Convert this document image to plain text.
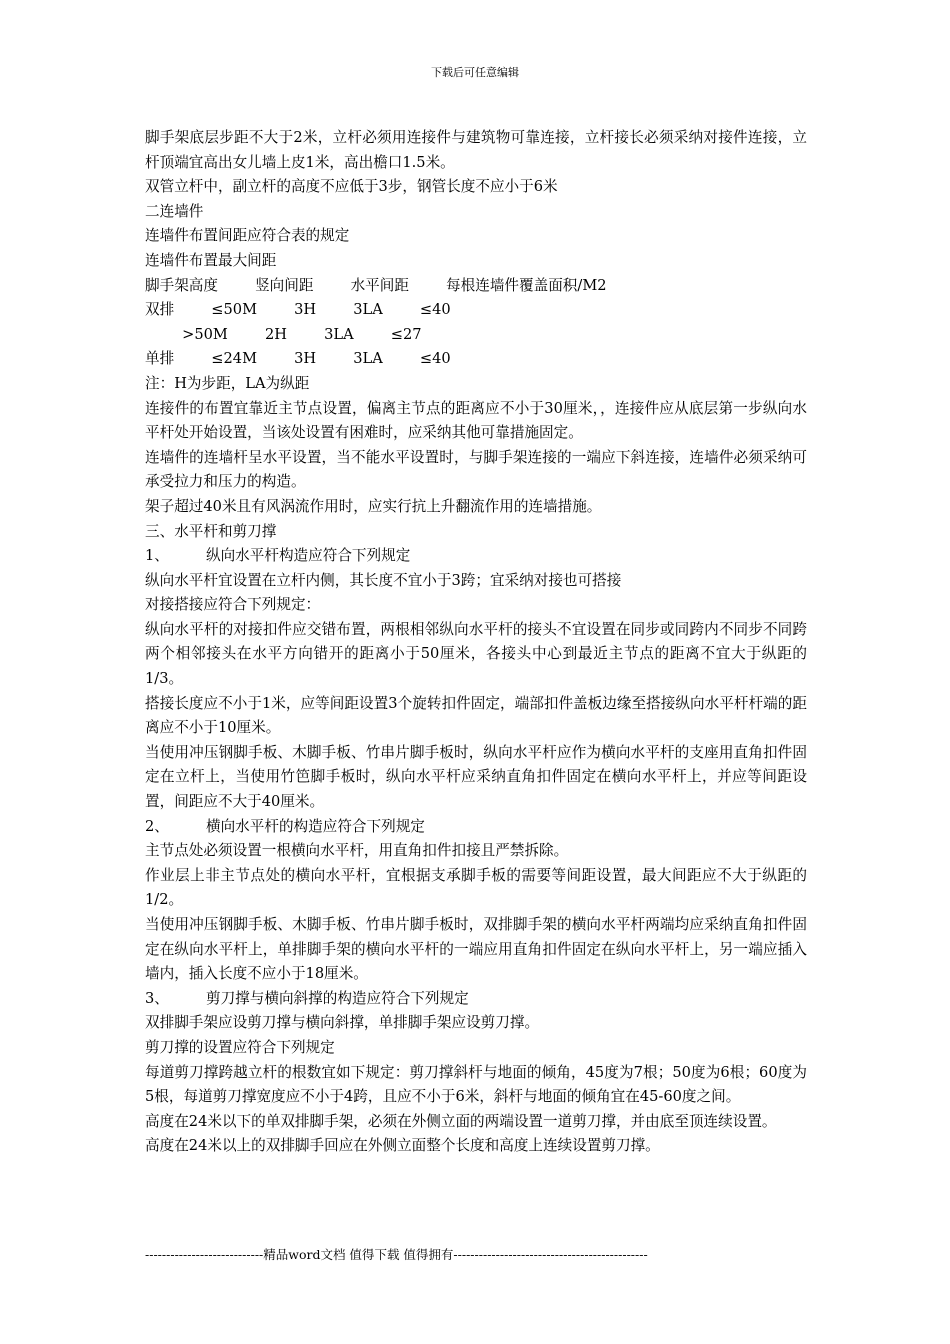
下载后可任意编辑

脚手架底层步距不大于2米，立杆必须用连接件与建筑物可靠连接，立杆接长必须采纳对接件连接，立杆顶端宜高出女儿墙上皮1米，高出檐口1.5米。

双管立杆中，副立杆的高度不应低于3步，钢管长度不应小于6米

二连墙件

连墙件布置间距应符合表的规定

连墙件布置最大间距

脚手架高度        竖向间距        水平间距        每根连墙件覆盖面积/M2

双排        ≤50M        3H        3LA        ≤40

>50M        2H        3LA        ≤27

单排        ≤24M        3H        3LA        ≤40

注：H为步距，LA为纵距

连接件的布置宜靠近主节点设置，偏离主节点的距离应不小于30厘米，，连接件应从底层第一步纵向水平杆处开始设置，当该处设置有困难时，应采纳其他可靠措施固定。

连墙件的连墙杆呈水平设置，当不能水平设置时，与脚手架连接的一端应下斜连接，连墙件必须采纳可承受拉力和压力的构造。

架子超过40米且有风涡流作用时，应实行抗上升翻流作用的连墙措施。

三、水平杆和剪刀撑

1、        纵向水平杆构造应符合下列规定

纵向水平杆宜设置在立杆内侧，其长度不宜小于3跨；宜采纳对接也可搭接

对接搭接应符合下列规定：

纵向水平杆的对接扣件应交错布置，两根相邻纵向水平杆的接头不宜设置在同步或同跨内不同步不同跨两个相邻接头在水平方向错开的距离小于50厘米，各接头中心到最近主节点的距离不宜大于纵距的1/3。

搭接长度应不小于1米，应等间距设置3个旋转扣件固定，端部扣件盖板边缘至搭接纵向水平杆杆端的距离应不小于10厘米。

当使用冲压钢脚手板、木脚手板、竹串片脚手板时，纵向水平杆应作为横向水平杆的支座用直角扣件固定在立杆上，当使用竹笆脚手板时，纵向水平杆应采纳直角扣件固定在横向水平杆上，并应等间距设置，间距应不大于40厘米。

2、        横向水平杆的构造应符合下列规定

主节点处必须设置一根横向水平杆，用直角扣件扣接且严禁拆除。

作业层上非主节点处的横向水平杆，宜根据支承脚手板的需要等间距设置，最大间距应不大于纵距的1/2。

当使用冲压钢脚手板、木脚手板、竹串片脚手板时，双排脚手架的横向水平杆两端均应采纳直角扣件固定在纵向水平杆上，单排脚手架的横向水平杆的一端应用直角扣件固定在纵向水平杆上，另一端应插入墙内，插入长度不应小于18厘米。

3、        剪刀撑与横向斜撑的构造应符合下列规定

双排脚手架应设剪刀撑与横向斜撑，单排脚手架应设剪刀撑。

剪刀撑的设置应符合下列规定

每道剪刀撑跨越立杆的根数宜如下规定：剪刀撑斜杆与地面的倾角，45度为7根；50度为6根；60度为5根，每道剪刀撑宽度应不小于4跨，且应不小于6米，斜杆与地面的倾角宜在45-60度之间。

高度在24米以下的单双排脚手架，必须在外侧立面的两端设置一道剪刀撑，并由底至顶连续设置。

高度在24米以上的双排脚手回应在外侧立面整个长度和高度上连续设置剪刀撑。

----------------------------精品word文档 值得下载 值得拥有----------------------------------------------
